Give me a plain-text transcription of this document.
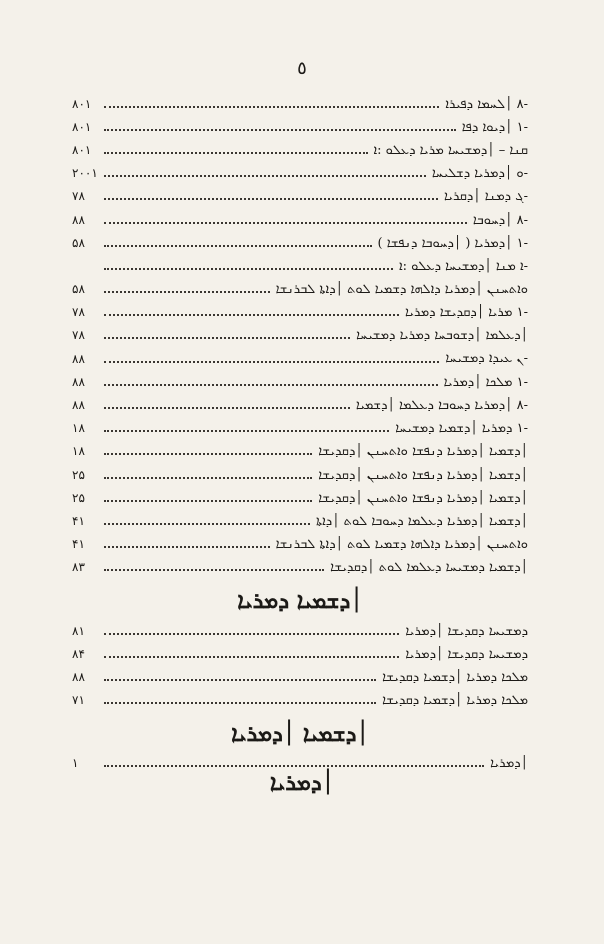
٥
-۸ ׀ܠܚܡܐ ܕܦܝܪܐ
۸۰۱
-۱ ׀ܕܝܘܐ ܕܦܐ
۸۰۱
ܩܢܐ – ׀ܕܡܫܝܚܐ ܡܪܝܐ ܕܥܠܘ :ܐ
۸۰۱
-ܘ ׀ܕܡܪܝܐ ܕܫܠܝܚܐ
۲۰۰۱
-ܓ ܕܡܢܐ ׀ܕܩܪܝܐ
۷۸
-۸ ׀ܕܚܘܒܐ
۸۸
-۱ ׀ܕܡܪܝܐ ( ׀ܕܚܘܒܐ ܕܢܦܫܐ )
۵۸
-ܐ ܡܢܐ ׀ܕܡܫܝܚܐ ܕܥܠܘ :ܐ
ܘܐܬܚܢܢ ׀ܕܡܪܝܐ ܕܐܠܗܐ ܕܫܡܝܐ ܠܘܬ ׀ܕܐܬܐ ܠܒܪܢܫܐ
۵۸
-۱ ܡܪܝܐ ׀ܕܩܕܝܫܐ ܕܡܪܝܐ
۷۸
׀ܕܥܠܡܐ ׀ܕܫܘܒܚܐ ܕܡܪܝܐ ܕܡܫܝܚܐ
۷۸
-ܢ ܥܝܕܐ ܕܡܫܝܚܐ
۸۸
-۱ ܡܠܟܐ ׀ܕܡܪܝܐ
۸۸
-۸ ׀ܕܡܪܝܐ ܕܚܘܒܐ ܕܥܠܡܐ ׀ܕܫܡܝܐ
۸۸
-۱ ܕܡܪܝܐ ׀ܕܫܡܝܐ ܕܡܫܝܚܐ
۱۸
׀ܕܫܡܝܐ ׀ܕܡܪܝܐ ܕܢܦܫܐ ܘܐܬܚܢܢ ׀ܕܩܕܝܫܐ
۱۸
׀ܕܫܡܝܐ ׀ܕܡܪܝܐ ܕܢܦܫܐ ܘܐܬܚܢܢ ׀ܕܩܕܝܫܐ
۲۵
׀ܕܫܡܝܐ ׀ܕܡܪܝܐ ܕܢܦܫܐ ܘܐܬܚܢܢ ׀ܕܩܕܝܫܐ
۲۵
׀ܕܫܡܝܐ ׀ܕܡܪܝܐ ܕܥܠܡܐ ܕܚܘܒܐ ܠܘܬ ׀ܕܐܬܐ
۴۱
ܘܐܬܚܢܢ ׀ܕܡܪܝܐ ܕܐܠܗܐ ܕܫܡܝܐ ܠܘܬ ׀ܕܐܬܐ ܠܒܪܢܫܐ
۴۱
׀ܕܫܡܝܐ ܕܡܫܝܚܐ ܕܥܠܡܐ ܠܘܬ ׀ܕܩܕܝܫܐ
۸۳
׀ܕܫܡܝܐ ܕܡܪܝܐ
ܕܡܫܝܚܐ ܕܩܕܝܫܐ ׀ܕܡܪܝܐ
۸۱
ܕܡܫܝܚܐ ܕܩܕܝܫܐ ׀ܕܡܪܝܐ
۸۴
ܡܠܟܐ ܕܡܪܝܐ ׀ܕܫܡܝܐ ܕܩܕܝܫܐ
۸۸
ܡܠܟܐ ܕܡܪܝܐ ׀ܕܫܡܝܐ ܕܩܕܝܫܐ
۷۱
׀ܕܫܡܝܐ ׀ܕܡܪܝܐ
׀ܕܡܪܝܐ
۱
׀ܕܡܪܝܐ
